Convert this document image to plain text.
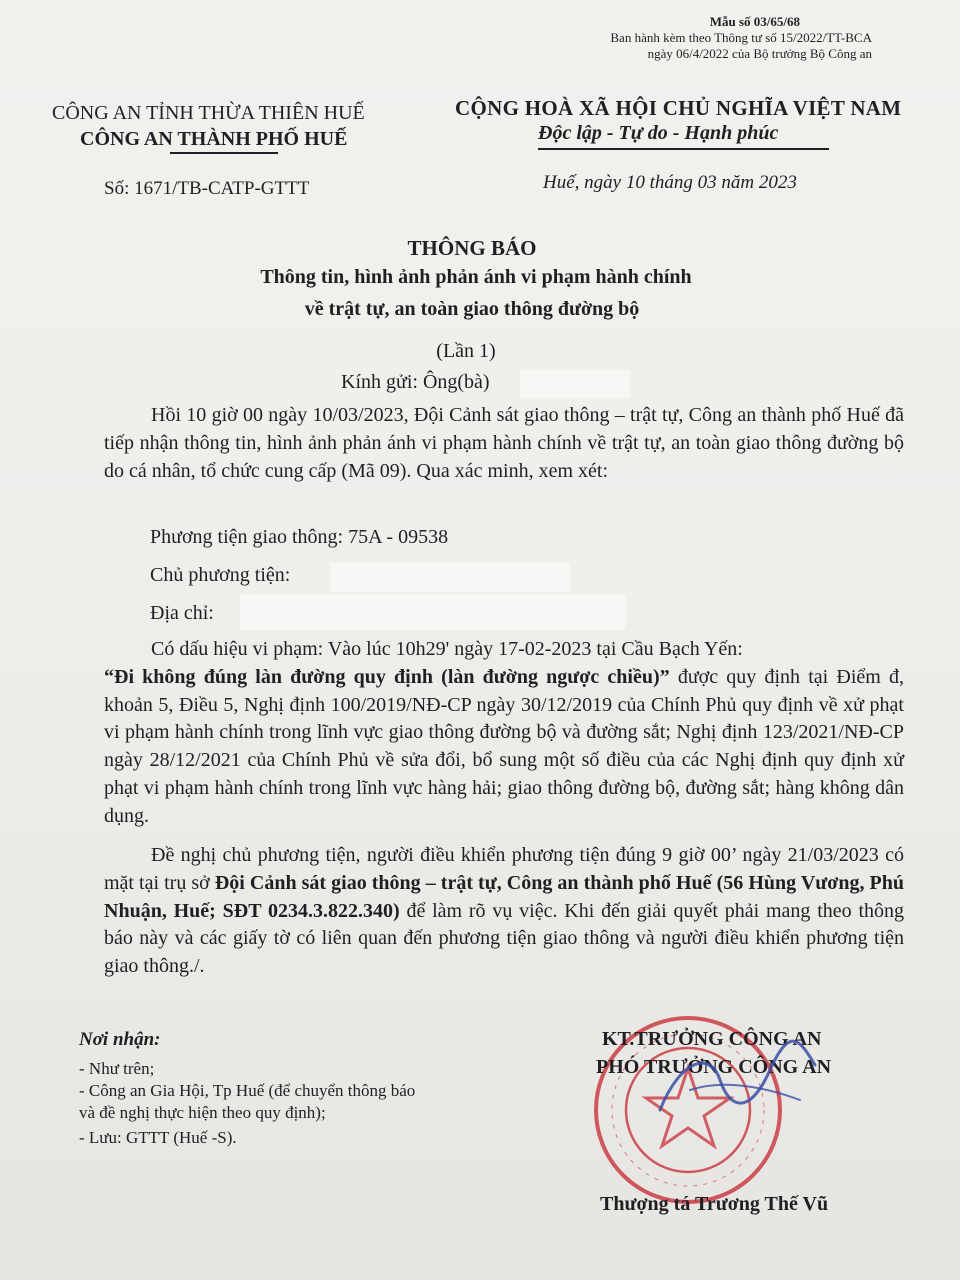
Mẫu số 03/65/68
Ban hành kèm theo Thông tư số 15/2022/TT-BCA
ngày 06/4/2022 của Bộ trưởng Bộ Công an
CÔNG AN TỈNH THỪA THIÊN HUẾ
CÔNG AN THÀNH PHỐ HUẾ
CỘNG HOÀ XÃ HỘI CHỦ NGHĨA VIỆT NAM
Độc lập - Tự do - Hạnh phúc
Số: 1671/TB-CATP-GTTT	Huế, ngày 10 tháng 03 năm 2023
THÔNG BÁO
Thông tin, hình ảnh phản ánh vi phạm hành chính
về trật tự, an toàn giao thông đường bộ
(Lần 1)
Kính gửi: Ông(bà)
Hồi 10 giờ 00 ngày 10/03/2023, Đội Cảnh sát giao thông – trật tự, Công an thành phố Huế đã tiếp nhận thông tin, hình ảnh phản ánh vi phạm hành chính về trật tự, an toàn giao thông đường bộ do cá nhân, tổ chức cung cấp (Mã 09). Qua xác minh, xem xét:
Phương tiện giao thông: 75A - 09538
Chủ phương tiện:
Địa chỉ:
Có dấu hiệu vi phạm: Vào lúc 10h29' ngày 17-02-2023 tại Cầu Bạch Yến:
“Đi không đúng làn đường quy định (làn đường ngược chiều)” được quy định tại Điểm đ, khoản 5, Điều 5, Nghị định 100/2019/NĐ-CP ngày 30/12/2019 của Chính Phủ quy định về xử phạt vi phạm hành chính trong lĩnh vực giao thông đường bộ và đường sắt; Nghị định 123/2021/NĐ-CP ngày 28/12/2021 của Chính Phủ về sửa đổi, bổ sung một số điều của các Nghị định quy định xử phạt vi phạm hành chính trong lĩnh vực hàng hải; giao thông đường bộ, đường sắt; hàng không dân dụng.
Đề nghị chủ phương tiện, người điều khiển phương tiện đúng 9 giờ 00’ ngày 21/03/2023 có mặt tại trụ sở Đội Cảnh sát giao thông – trật tự, Công an thành phố Huế (56 Hùng Vương, Phú Nhuận, Huế; SĐT 0234.3.822.340) để làm rõ vụ việc. Khi đến giải quyết phải mang theo thông báo này và các giấy tờ có liên quan đến phương tiện giao thông và người điều khiển phương tiện giao thông./.
Nơi nhận:
- Như trên;
- Công an Gia Hội, Tp Huế (để chuyển thông báo
và đề nghị thực hiện theo quy định);
- Lưu: GTTT (Huế -S).
KT.TRƯỞNG CÔNG AN
PHÓ TRƯỞNG CÔNG AN
Thượng tá Trương Thế Vũ
